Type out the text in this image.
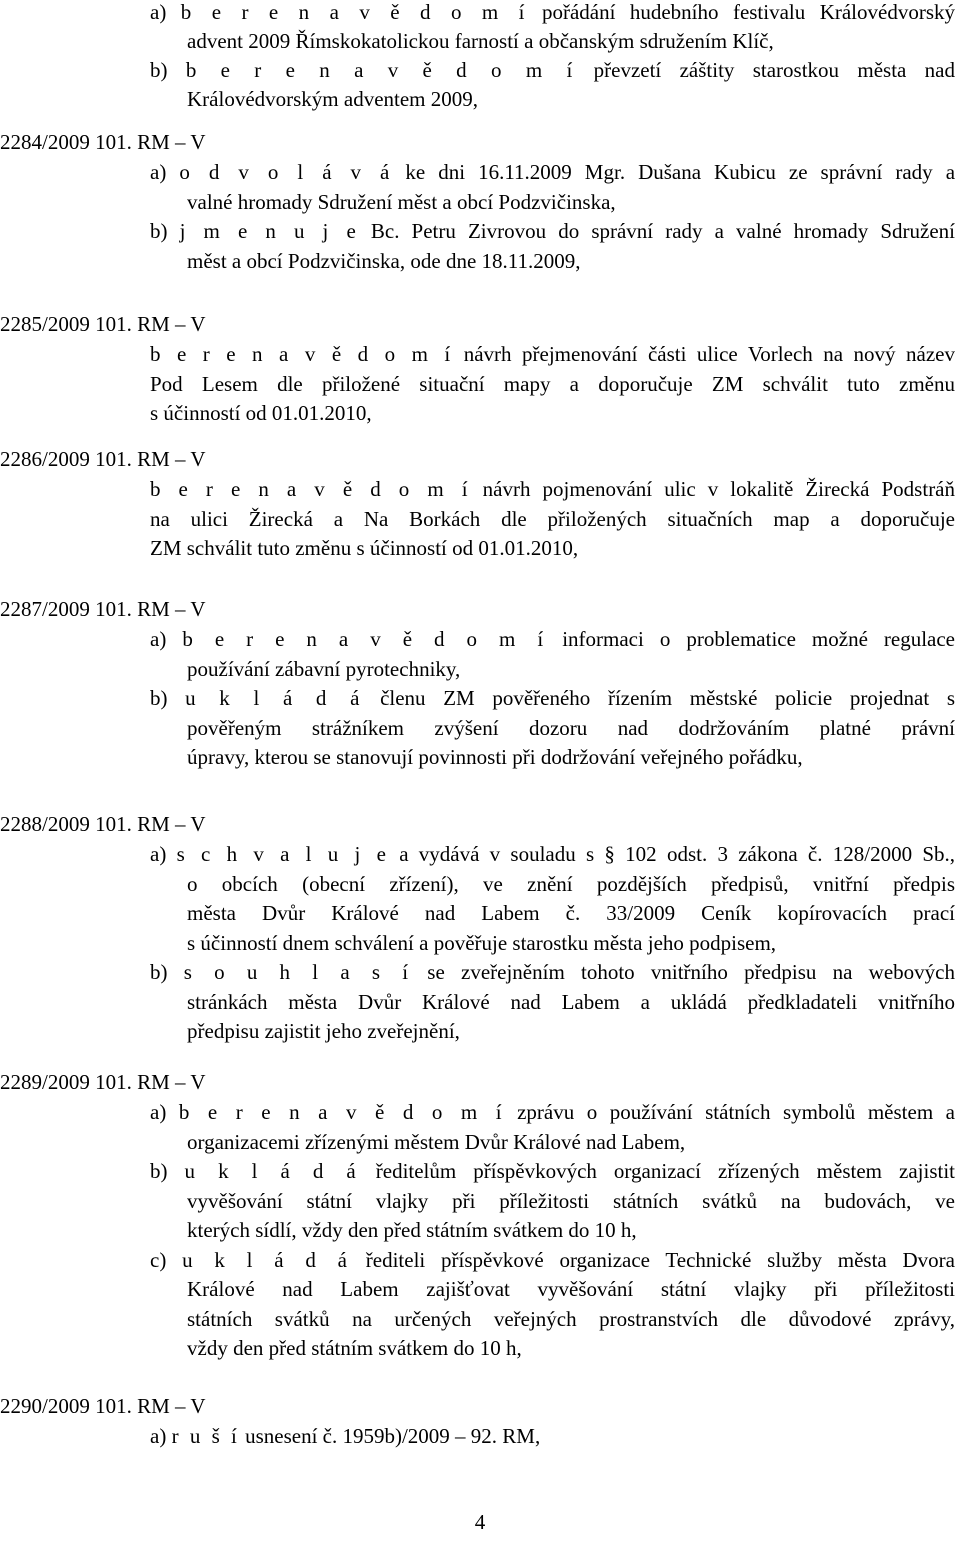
a) b e r e n a v ě d o m í pořádání hudebního festivalu Královédvorský
advent 2009 Římskokatolickou farností a občanským sdružením Klíč,
b) b e r e n a v ě d o m í převzetí záštity starostkou města nad
Královédvorským adventem 2009,
2284/2009 101. RM – V
a) o d v o l á v á ke dni 16.11.2009 Mgr. Dušana Kubicu ze správní rady a
valné hromady Sdružení měst a obcí Podzvičinska,
b) j m e n u j e Bc. Petru Zivrovou do správní rady a valné hromady Sdružení
měst a obcí Podzvičinska, ode dne 18.11.2009,
2285/2009 101. RM – V
b e r e n a v ě d o m í návrh přejmenování části ulice Vorlech na nový název
Pod Lesem dle přiložené situační mapy a doporučuje ZM schválit tuto změnu
s účinností od 01.01.2010,
2286/2009 101. RM – V
b e r e n a v ě d o m í návrh pojmenování ulic v lokalitě Žirecká Podstráň
na ulici Žirecká a Na Borkách dle přiložených situačních map a doporučuje
ZM schválit tuto změnu s účinností od 01.01.2010,
2287/2009 101. RM – V
a) b e r e n a v ě d o m í informaci o problematice možné regulace
používání zábavní pyrotechniky,
b) u k l á d á členu ZM pověřeného řízením městské policie projednat s
pověřeným strážníkem zvýšení dozoru nad dodržováním platné právní
úpravy, kterou se stanovují povinnosti při dodržování veřejného pořádku,
2288/2009 101. RM – V
a) s c h v a l u j e a vydává v souladu s § 102 odst. 3 zákona č. 128/2000 Sb.,
o obcích (obecní zřízení), ve znění pozdějších předpisů, vnitřní předpis
města Dvůr Králové nad Labem č. 33/2009 Ceník kopírovacích prací
s účinností dnem schválení a pověřuje starostku města jeho podpisem,
b) s o u h l a s í se zveřejněním tohoto vnitřního předpisu na webových
stránkách města Dvůr Králové nad Labem a ukládá předkladateli vnitřního
předpisu zajistit jeho zveřejnění,
2289/2009 101. RM – V
a) b e r e n a v ě d o m í zprávu o používání státních symbolů městem a
organizacemi zřízenými městem Dvůr Králové nad Labem,
b) u k l á d á ředitelům příspěvkových organizací zřízených městem zajistit
vyvěšování státní vlajky při příležitosti státních svátků na budovách, ve
kterých sídlí, vždy den před státním svátkem do 10 h,
c) u k l á d á řediteli příspěvkové organizace Technické služby města Dvora
Králové nad Labem zajišťovat vyvěšování státní vlajky při příležitosti
státních svátků na určených veřejných prostranstvích dle důvodové zprávy,
vždy den před státním svátkem do 10 h,
2290/2009 101. RM – V
a) r u š í usnesení č. 1959b)/2009 – 92. RM,
4
